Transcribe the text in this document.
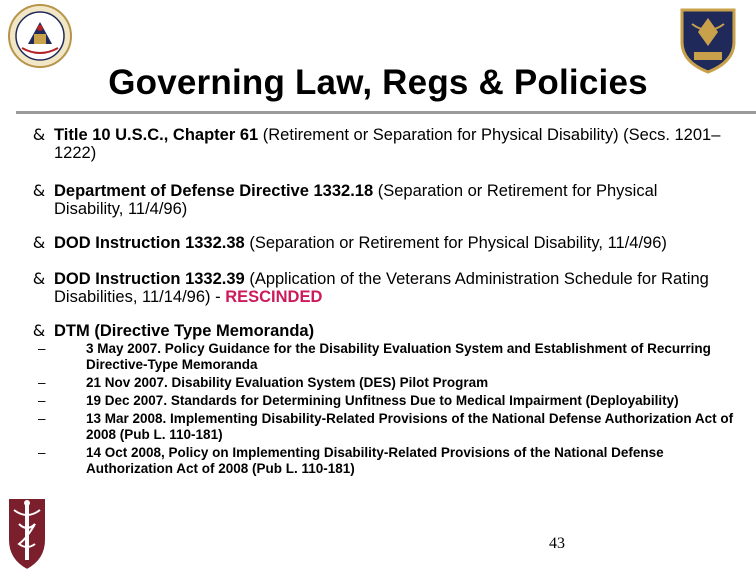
Governing Law, Regs & Policies
& Title 10 U.S.C., Chapter 61 (Retirement or Separation for Physical Disability) (Secs. 1201–1222)
& Department of Defense Directive 1332.18 (Separation or Retirement for Physical Disability, 11/4/96)
& DOD Instruction 1332.38 (Separation or Retirement for Physical Disability, 11/4/96)
& DOD Instruction 1332.39 (Application of the Veterans Administration Schedule for Rating Disabilities, 11/14/96) - RESCINDED
& DTM (Directive Type Memoranda)
–	3 May 2007. Policy Guidance for the Disability Evaluation System and Establishment of Recurring Directive-Type Memoranda
–	21 Nov 2007. Disability Evaluation System (DES) Pilot Program
–	19 Dec 2007. Standards for Determining Unfitness Due to Medical Impairment (Deployability)
–	13 Mar 2008. Implementing Disability-Related Provisions of the National Defense Authorization Act of 2008 (Pub L. 110-181)
–	14 Oct 2008, Policy on Implementing Disability-Related Provisions of the National Defense Authorization Act of 2008 (Pub L. 110-181)
43
